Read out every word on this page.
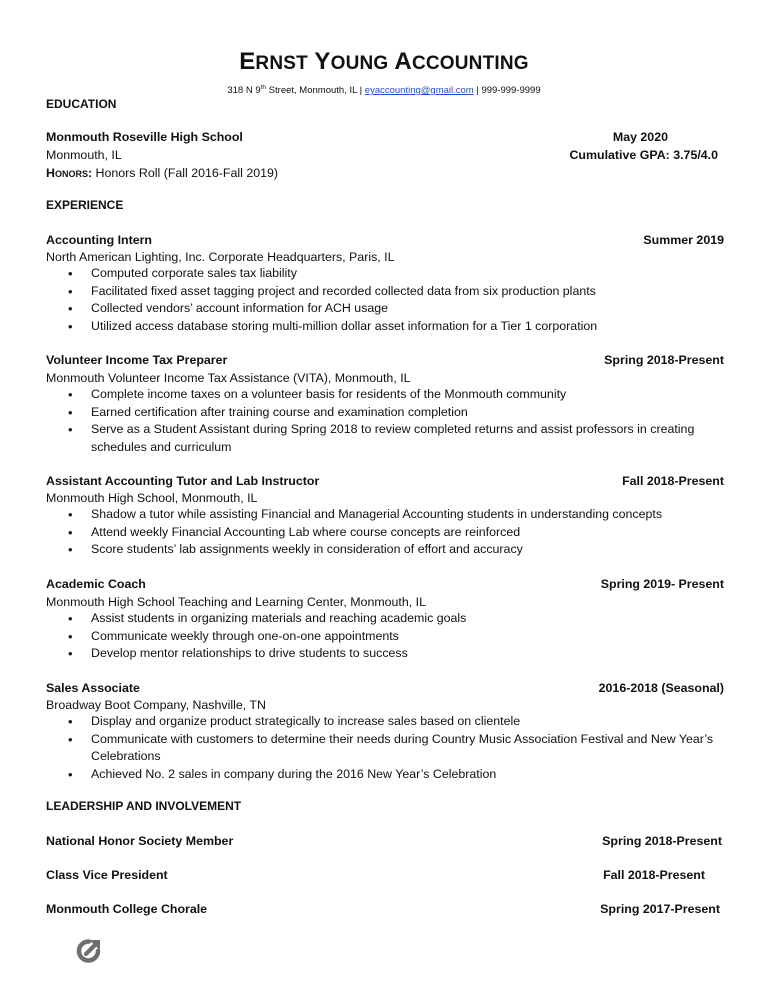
ERNST YOUNG ACCOUNTING
318 N 9th Street, Monmouth, IL | eyaccounting@gmail.com | 999-999-9999
EDUCATION
Monmouth Roseville High School	May 2020
Monmouth, IL	Cumulative GPA: 3.75/4.0
Honors: Honors Roll (Fall 2016-Fall 2019)
EXPERIENCE
Accounting Intern	Summer 2019
North American Lighting, Inc. Corporate Headquarters, Paris, IL
• Computed corporate sales tax liability
• Facilitated fixed asset tagging project and recorded collected data from six production plants
• Collected vendors’ account information for ACH usage
• Utilized access database storing multi-million dollar asset information for a Tier 1 corporation
Volunteer Income Tax Preparer	Spring 2018-Present
Monmouth Volunteer Income Tax Assistance (VITA), Monmouth, IL
• Complete income taxes on a volunteer basis for residents of the Monmouth community
• Earned certification after training course and examination completion
• Serve as a Student Assistant during Spring 2018 to review completed returns and assist professors in creating schedules and curriculum
Assistant Accounting Tutor and Lab Instructor	Fall 2018-Present
Monmouth High School, Monmouth, IL
• Shadow a tutor while assisting Financial and Managerial Accounting students in understanding concepts
• Attend weekly Financial Accounting Lab where course concepts are reinforced
• Score students’ lab assignments weekly in consideration of effort and accuracy
Academic Coach	Spring 2019- Present
Monmouth High School Teaching and Learning Center, Monmouth, IL
• Assist students in organizing materials and reaching academic goals
• Communicate weekly through one-on-one appointments
• Develop mentor relationships to drive students to success
Sales Associate	2016-2018 (Seasonal)
Broadway Boot Company, Nashville, TN
• Display and organize product strategically to increase sales based on clientele
• Communicate with customers to determine their needs during Country Music Association Festival and New Year’s Celebrations
• Achieved No. 2 sales in company during the 2016 New Year’s Celebration
LEADERSHIP AND INVOLVEMENT
National Honor Society Member	Spring 2018-Present
Class Vice President	Fall 2018-Present
Monmouth College Chorale	Spring 2017-Present
